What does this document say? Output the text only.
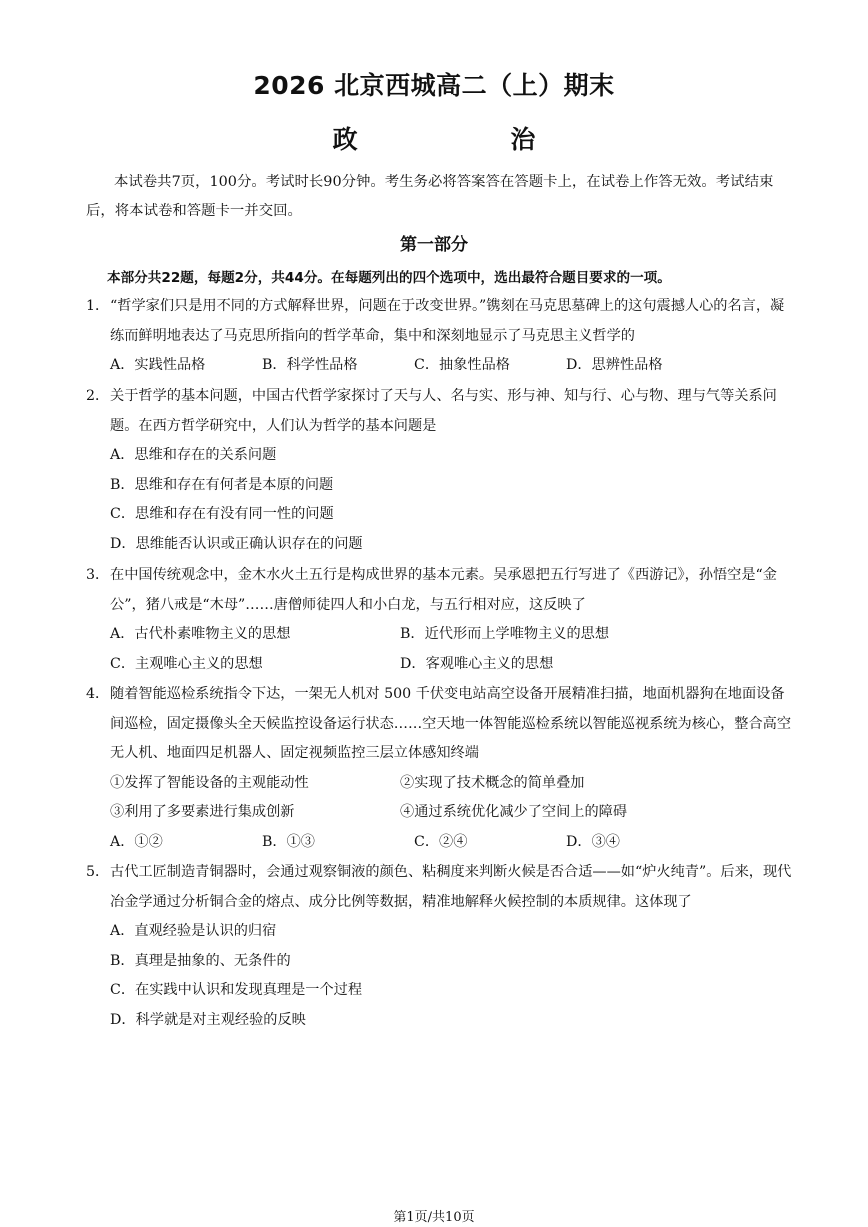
2026 北京西城高二（上）期末
政 治
本试卷共7页，100分。考试时长90分钟。考生务必将答案答在答题卡上，在试卷上作答无效。考试结束后，将本试卷和答题卡一并交回。
第一部分
本部分共22题，每题2分，共44分。在每题列出的四个选项中，选出最符合题目要求的一项。
1．“哲学家们只是用不同的方式解释世界，问题在于改变世界。”镌刻在马克思墓碑上的这句震撼人心的名言，凝练而鲜明地表达了马克思所指向的哲学革命，集中和深刻地显示了马克思主义哲学的
A．实践性品格	B．科学性品格	C．抽象性品格	D．思辨性品格
2．关于哲学的基本问题，中国古代哲学家探讨了天与人、名与实、形与神、知与行、心与物、理与气等关系问题。在西方哲学研究中，人们认为哲学的基本问题是
A．思维和存在的关系问题
B．思维和存在有何者是本原的问题
C．思维和存在有没有同一性的问题
D．思维能否认识或正确认识存在的问题
3．在中国传统观念中，金木水火土五行是构成世界的基本元素。吴承恩把五行写进了《西游记》，孙悟空是“金公”，猪八戒是“木母”……唐僧师徒四人和小白龙，与五行相对应，这反映了
A．古代朴素唯物主义的思想	B．近代形而上学唯物主义的思想
C．主观唯心主义的思想	D．客观唯心主义的思想
4．随着智能巡检系统指令下达，一架无人机对 500 千伏变电站高空设备开展精准扫描，地面机器狗在地面设备间巡检，固定摄像头全天候监控设备运行状态……空天地一体智能巡检系统以智能巡视系统为核心，整合高空无人机、地面四足机器人、固定视频监控三层立体感知终端
①发挥了智能设备的主观能动性	②实现了技术概念的简单叠加
③利用了多要素进行集成创新	④通过系统优化减少了空间上的障碍
A．①②	B．①③	C．②④	D．③④
5．古代工匠制造青铜器时，会通过观察铜液的颜色、粘稠度来判断火候是否合适——如“炉火纯青”。后来，现代冶金学通过分析铜合金的熔点、成分比例等数据，精准地解释火候控制的本质规律。这体现了
A．直观经验是认识的归宿
B．真理是抽象的、无条件的
C．在实践中认识和发现真理是一个过程
D．科学就是对主观经验的反映
第1页/共10页
